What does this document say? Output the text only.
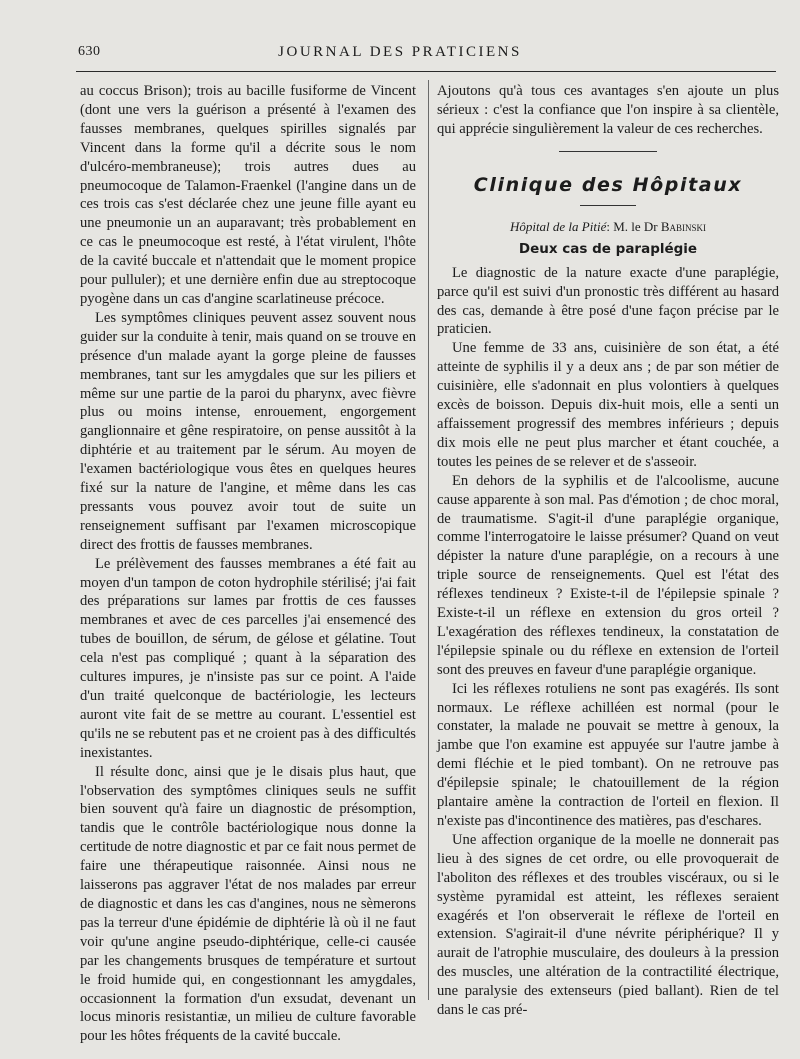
630	JOURNAL DES PRATICIENS

au coccus Brison); trois au bacille fusiforme de Vincent (dont une vers la guérison a présenté à l'examen des fausses membranes, quelques spirilles signalés par Vincent dans la forme qu'il a décrite sous le nom d'ulcéro-membraneuse); trois autres dues au pneumocoque de Talamon-Fraenkel (l'angine dans un de ces trois cas s'est déclarée chez une jeune fille ayant eu une pneumonie un an auparavant; très probablement en ce cas le pneumocoque est resté, à l'état virulent, l'hôte de la cavité buccale et n'attendait que le moment propice pour pulluler); et une dernière enfin due au streptocoque pyogène dans un cas d'angine scarlatineuse précoce.

Les symptômes cliniques peuvent assez souvent nous guider sur la conduite à tenir, mais quand on se trouve en présence d'un malade ayant la gorge pleine de fausses membranes, tant sur les amygdales que sur les piliers et même sur une partie de la paroi du pharynx, avec fièvre plus ou moins intense, enrouement, engorgement ganglionnaire et gêne respiratoire, on pense aussitôt à la diphtérie et au traitement par le sérum. Au moyen de l'examen bactériologique vous êtes en quelques heures fixé sur la nature de l'angine, et même dans les cas pressants vous pouvez avoir tout de suite un renseignement suffisant par l'examen microscopique direct des frottis de fausses membranes.

Le prélèvement des fausses membranes a été fait au moyen d'un tampon de coton hydrophile stérilisé; j'ai fait des préparations sur lames par frottis de ces fausses membranes et avec de ces parcelles j'ai ensemencé des tubes de bouillon, de sérum, de gélose et gélatine. Tout cela n'est pas compliqué ; quant à la séparation des cultures impures, je n'insiste pas sur ce point. A l'aide d'un traité quelconque de bactériologie, les lecteurs auront vite fait de se mettre au courant. L'essentiel est qu'ils ne se rebutent pas et ne croient pas à des difficultés inexistantes.

Il résulte donc, ainsi que je le disais plus haut, que l'observation des symptômes cliniques seuls ne suffit bien souvent qu'à faire un diagnostic de présomption, tandis que le contrôle bactériologique nous donne la certitude de notre diagnostic et par ce fait nous permet de faire une thérapeutique raisonnée. Ainsi nous ne laisserons pas aggraver l'état de nos malades par erreur de diagnostic et dans les cas d'angines, nous ne sèmerons pas la terreur d'une épidémie de diphtérie là où il ne faut voir qu'une angine pseudo-diphtérique, celle-ci causée par les changements brusques de température et surtout le froid humide qui, en congestionnant les amygdales, occasionnent la formation d'un exsudat, devenant un locus minoris resistantiæ, un milieu de culture favorable pour les hôtes fréquents de la cavité buccale.

Ajoutons qu'à tous ces avantages s'en ajoute un plus sérieux : c'est la confiance que l'on inspire à sa clientèle, qui apprécie singulièrement la valeur de ces recherches.

Clinique des Hôpitaux

Hôpital de la Pitié: M. le Dr Babinski

Deux cas de paraplégie

Le diagnostic de la nature exacte d'une paraplégie, parce qu'il est suivi d'un pronostic très différent au hasard des cas, demande à être posé d'une façon précise par le praticien.

Une femme de 33 ans, cuisinière de son état, a été atteinte de syphilis il y a deux ans ; de par son métier de cuisinière, elle s'adonnait en plus volontiers à quelques excès de boisson. Depuis dix-huit mois, elle a senti un affaissement progressif des membres inférieurs ; depuis dix mois elle ne peut plus marcher et étant couchée, a toutes les peines de se relever et de s'asseoir.

En dehors de la syphilis et de l'alcoolisme, aucune cause apparente à son mal. Pas d'émotion ; de choc moral, de traumatisme. S'agit-il d'une paraplégie organique, comme l'interrogatoire le laisse présumer? Quand on veut dépister la nature d'une paraplégie, on a recours à une triple source de renseignements. Quel est l'état des réflexes tendineux ? Existe-t-il de l'épilepsie spinale ? Existe-t-il un réflexe en extension du gros orteil ? L'exagération des réflexes tendineux, la constatation de l'épilepsie spinale ou du réflexe en extension de l'orteil sont des preuves en faveur d'une paraplégie organique.

Ici les réflexes rotuliens ne sont pas exagérés. Ils sont normaux. Le réflexe achilléen est normal (pour le constater, la malade ne pouvait se mettre à genoux, la jambe que l'on examine est appuyée sur l'autre jambe à demi fléchie et le pied tombant). On ne retrouve pas d'épilepsie spinale; le chatouillement de la région plantaire amène la contraction de l'orteil en flexion. Il n'existe pas d'incontinence des matières, pas d'eschares.

Une affection organique de la moelle ne donnerait pas lieu à des signes de cet ordre, ou elle provoquerait de l'aboliton des réflexes et des troubles viscéraux, ou si le système pyramidal est atteint, les réflexes seraient exagérés et l'on observerait le réflexe de l'orteil en extension. S'agirait-il d'une névrite périphérique? Il y aurait de l'atrophie musculaire, des douleurs à la pression des muscles, une altération de la contractilité électrique, une paralysie des extenseurs (pied ballant). Rien de tel dans le cas pré-
